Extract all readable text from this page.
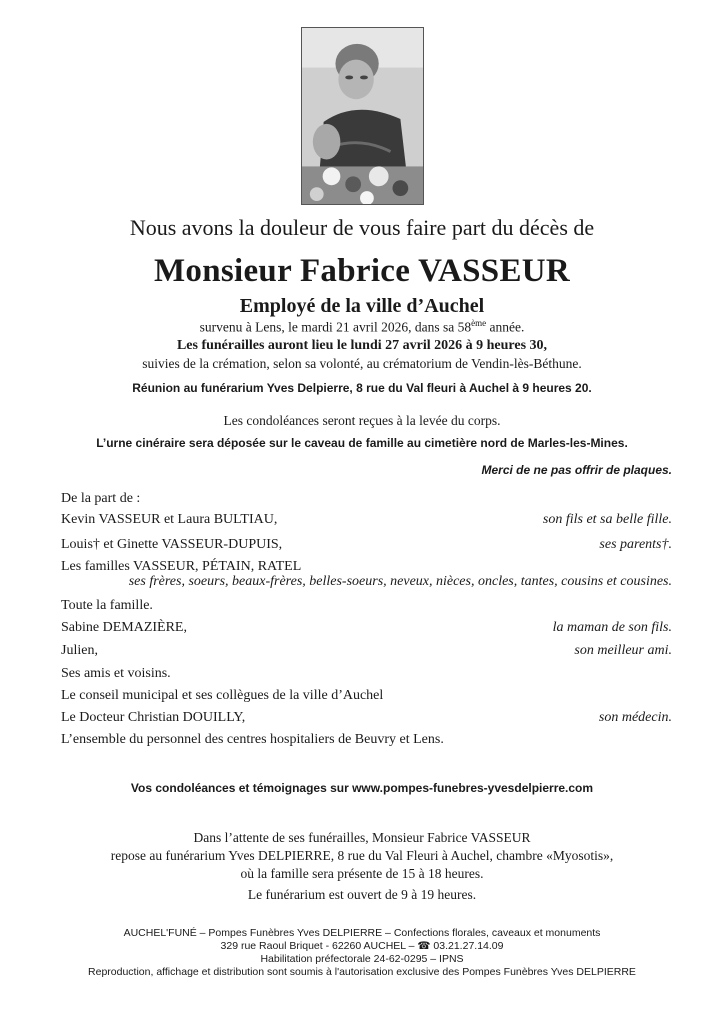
Nous avons la douleur de vous faire part du décès de
Monsieur Fabrice VASSEUR
Employé de la ville d’Auchel
survenu à Lens, le mardi 21 avril 2026, dans sa 58ème année.
Les funérailles auront lieu le lundi 27 avril 2026 à 9 heures 30,
suivies de la crémation, selon sa volonté, au crématorium de Vendin-lès-Béthune.
Réunion au funérarium Yves Delpierre, 8 rue du Val fleuri à Auchel à 9 heures 20.
Les condoléances seront reçues à la levée du corps.
L’urne cinéraire sera déposée sur le caveau de famille au cimetière nord de Marles-les-Mines.
Merci de ne pas offrir de plaques.
De la part de :
Kevin VASSEUR et Laura BULTIAU,	son fils et sa belle fille.
Louis† et Ginette VASSEUR-DUPUIS,	ses parents†.
Les familles VASSEUR, PÉTAIN, RATEL
ses frères, soeurs, beaux-frères, belles-soeurs, neveux, nièces, oncles, tantes, cousins et cousines.
Toute la famille.
Sabine DEMAZIÈRE,	la maman de son fils.
Julien,	son meilleur ami.
Ses amis et voisins.
Le conseil municipal et ses collègues de la ville d’Auchel
Le Docteur Christian DOUILLY,	son médecin.
L’ensemble du personnel des centres hospitaliers de Beuvry et Lens.
Vos condoléances et témoignages sur www.pompes-funebres-yvesdelpierre.com
Dans l’attente de ses funérailles, Monsieur Fabrice VASSEUR
repose au funérarium Yves DELPIERRE, 8 rue du Val Fleuri à Auchel, chambre «Myosotis»,
où la famille sera présente de 15 à 18 heures.
Le funérarium est ouvert de 9 à 19 heures.
AUCHEL'FUNÉ – Pompes Funèbres Yves DELPIERRE – Confections florales, caveaux et monuments
329 rue Raoul Briquet - 62260 AUCHEL – ☎ 03.21.27.14.09
Habilitation préfectorale 24-62-0295 – IPNS
Reproduction, affichage et distribution sont soumis à l'autorisation exclusive des Pompes Funèbres Yves DELPIERRE
